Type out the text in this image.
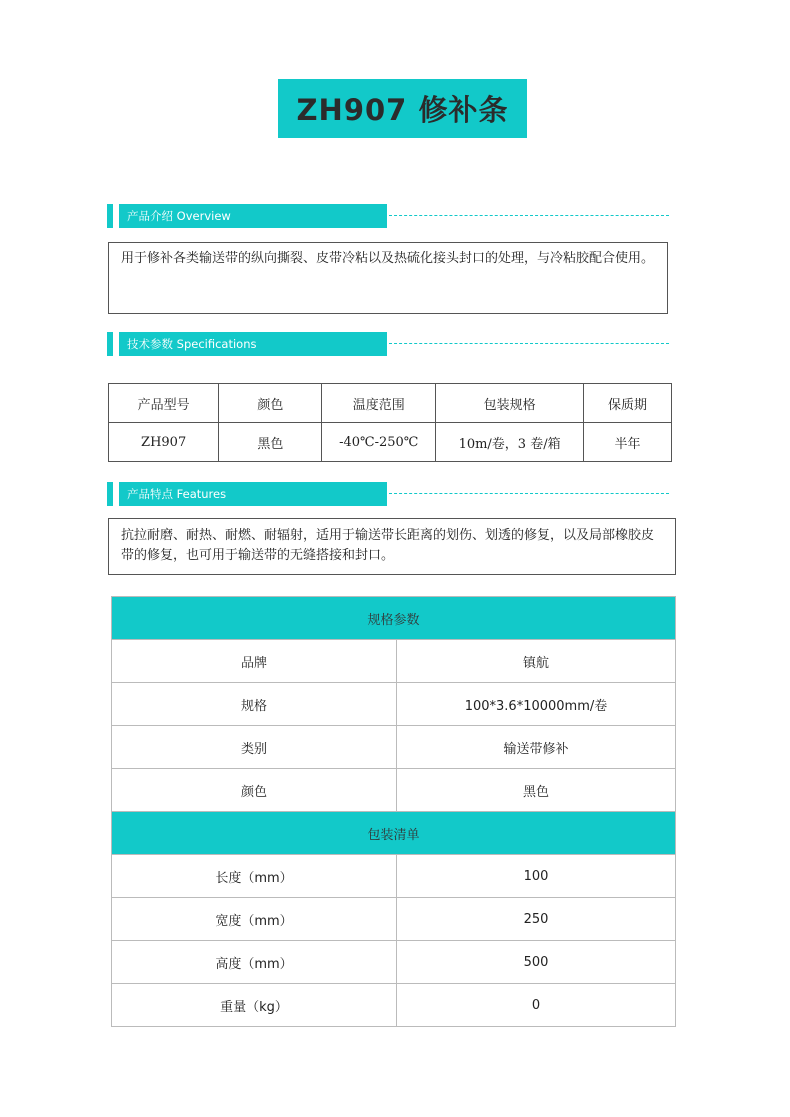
ZH907 修补条
产品介绍 Overview
用于修补各类输送带的纵向撕裂、皮带冷粘以及热硫化接头封口的处理，与冷粘胶配合使用。
技术参数 Specifications
产品型号	颜色	温度范围	包装规格	保质期
ZH907	黑色	-40℃-250℃	10m/卷，3 卷/箱	半年
产品特点 Features
抗拉耐磨、耐热、耐燃、耐辐射，适用于输送带长距离的划伤、划透的修复，以及局部橡胶皮带的修复，也可用于输送带的无缝搭接和封口。
规格参数	
品牌	镇航
规格	100*3.6*10000mm/卷
类别	输送带修补
颜色	黑色
包装清单	
长度（mm）	100
宽度（mm）	250
高度（mm）	500
重量（kg）	0
